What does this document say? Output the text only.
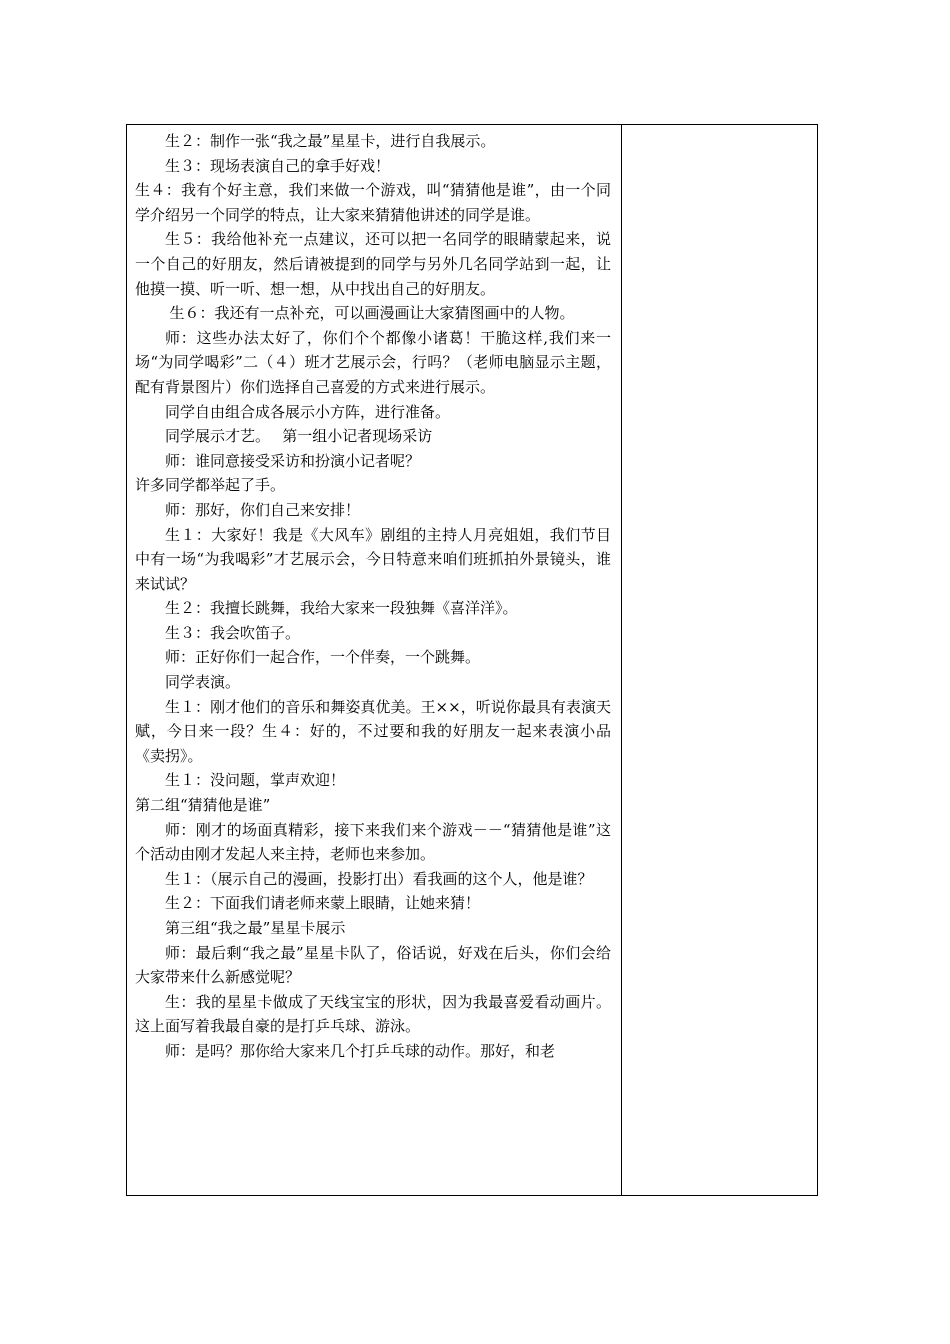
生２：制作一张“我之最”星星卡，进行自我展示。

生３：现场表演自己的拿手好戏！

生４：我有个好主意，我们来做一个游戏，叫“猜猜他是谁”，由一个同学介绍另一个同学的特点，让大家来猜猜他讲述的同学是谁。

生５：我给他补充一点建议，还可以把一名同学的眼睛蒙起来，说一个自己的好朋友，然后请被提到的同学与另外几名同学站到一起，让他摸一摸、听一听、想一想，从中找出自己的好朋友。

生６：我还有一点补充，可以画漫画让大家猜图画中的人物。

师：这些办法太好了，你们个个都像小诸葛！干脆这样,我们来一场“为同学喝彩”二（４）班才艺展示会，行吗？（老师电脑显示主题，配有背景图片）你们选择自己喜爱的方式来进行展示。

同学自由组合成各展示小方阵，进行准备。

同学展示才艺。　 第一组小记者现场采访

师：谁同意接受采访和扮演小记者呢？

许多同学都举起了手。

师：那好，你们自己来安排！

生１：大家好！我是《大风车》剧组的主持人月亮姐姐，我们节目中有一场“为我喝彩”才艺展示会，今日特意来咱们班抓拍外景镜头，谁来试试？

生２：我擅长跳舞，我给大家来一段独舞《喜洋洋》。

生３：我会吹笛子。

师：正好你们一起合作，一个伴奏，一个跳舞。

同学表演。

生１：刚才他们的音乐和舞姿真优美。王××，听说你最具有表演天赋，今日来一段？生４：好的，不过要和我的好朋友一起来表演小品《卖拐》。

生１：没问题，掌声欢迎！

第二组“猜猜他是谁”

师：刚才的场面真精彩，接下来我们来个游戏－－“猜猜他是谁”这个活动由刚才发起人来主持，老师也来参加。

生１：（展示自己的漫画，投影打出）看我画的这个人，他是谁？

生２：下面我们请老师来蒙上眼睛，让她来猜！

第三组“我之最”星星卡展示

师：最后剩“我之最”星星卡队了，俗话说，好戏在后头，你们会给大家带来什么新感觉呢？

生：我的星星卡做成了天线宝宝的形状，因为我最喜爱看动画片。这上面写着我最自豪的是打乒乓球、游泳。

师：是吗？那你给大家来几个打乒乓球的动作。那好，和老
